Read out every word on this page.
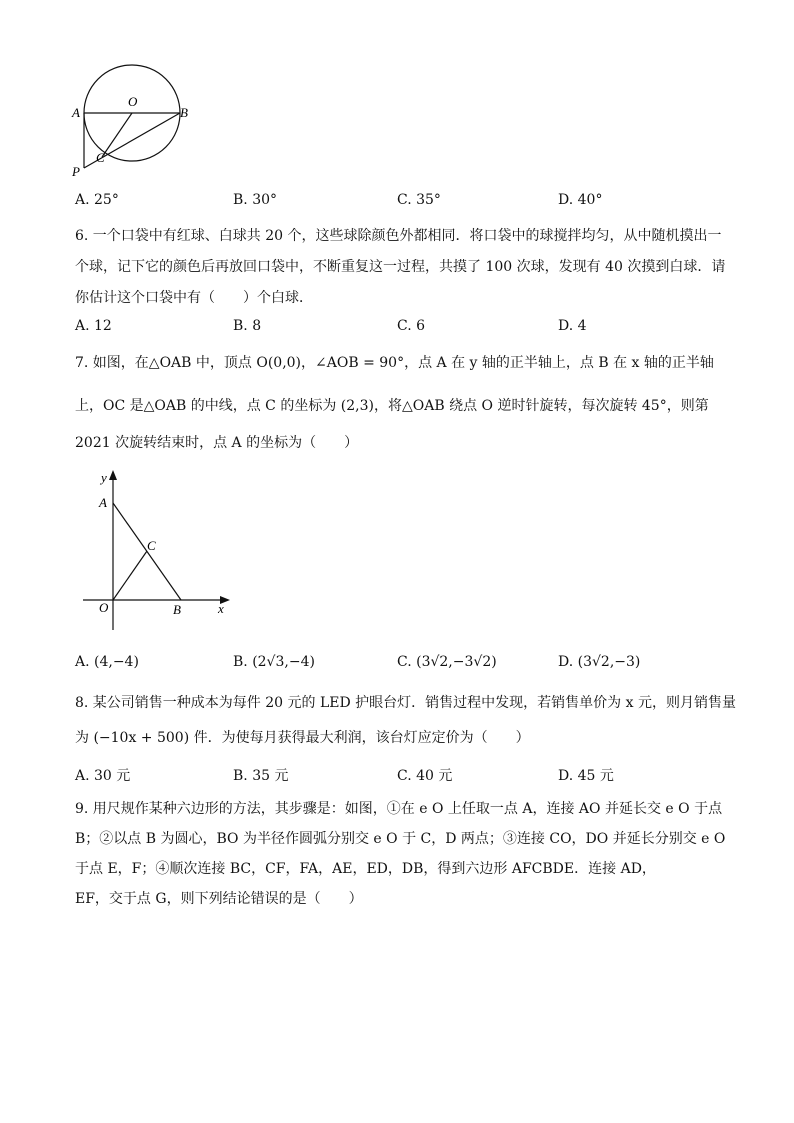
A
O
B
C
P
A. 25°	B. 30°	C. 35°	D. 40°
6. 一个口袋中有红球、白球共 20 个，这些球除颜色外都相同．将口袋中的球搅拌均匀，从中随机摸出一
个球，记下它的颜色后再放回口袋中，不断重复这一过程，共摸了 100 次球，发现有 40 次摸到白球．请
你估计这个口袋中有（　　）个白球．
A. 12	B. 8	C. 6	D. 4
7. 如图，在△OAB 中，顶点 O(0,0)，∠AOB = 90°，点 A 在 y 轴的正半轴上，点 B 在 x 轴的正半轴
上，OC 是△OAB 的中线，点 C 的坐标为 (2,3)，将△OAB 绕点 O 逆时针旋转，每次旋转 45°，则第
2021 次旋转结束时，点 A 的坐标为（　　）
y
A
C
O	B	x
A. (4,−4)	B. (2√3,−4)	C. (3√2,−3√2)	D. (3√2,−3)
8. 某公司销售一种成本为每件 20 元的 LED 护眼台灯．销售过程中发现，若销售单价为 x 元，则月销售量
为 (−10x + 500) 件．为使每月获得最大利润，该台灯应定价为（　　）
A. 30 元	B. 35 元	C. 40 元	D. 45 元
9. 用尺规作某种六边形的方法，其步骤是：如图，①在 e O 上任取一点 A，连接 AO 并延长交 e O 于点
B；②以点 B 为圆心，BO 为半径作圆弧分别交 e O 于 C，D 两点；③连接 CO，DO 并延长分别交 e O
于点 E，F；④顺次连接 BC，CF，FA，AE，ED，DB，得到六边形 AFCBDE．连接 AD，
EF，交于点 G，则下列结论错误的是（　　）
